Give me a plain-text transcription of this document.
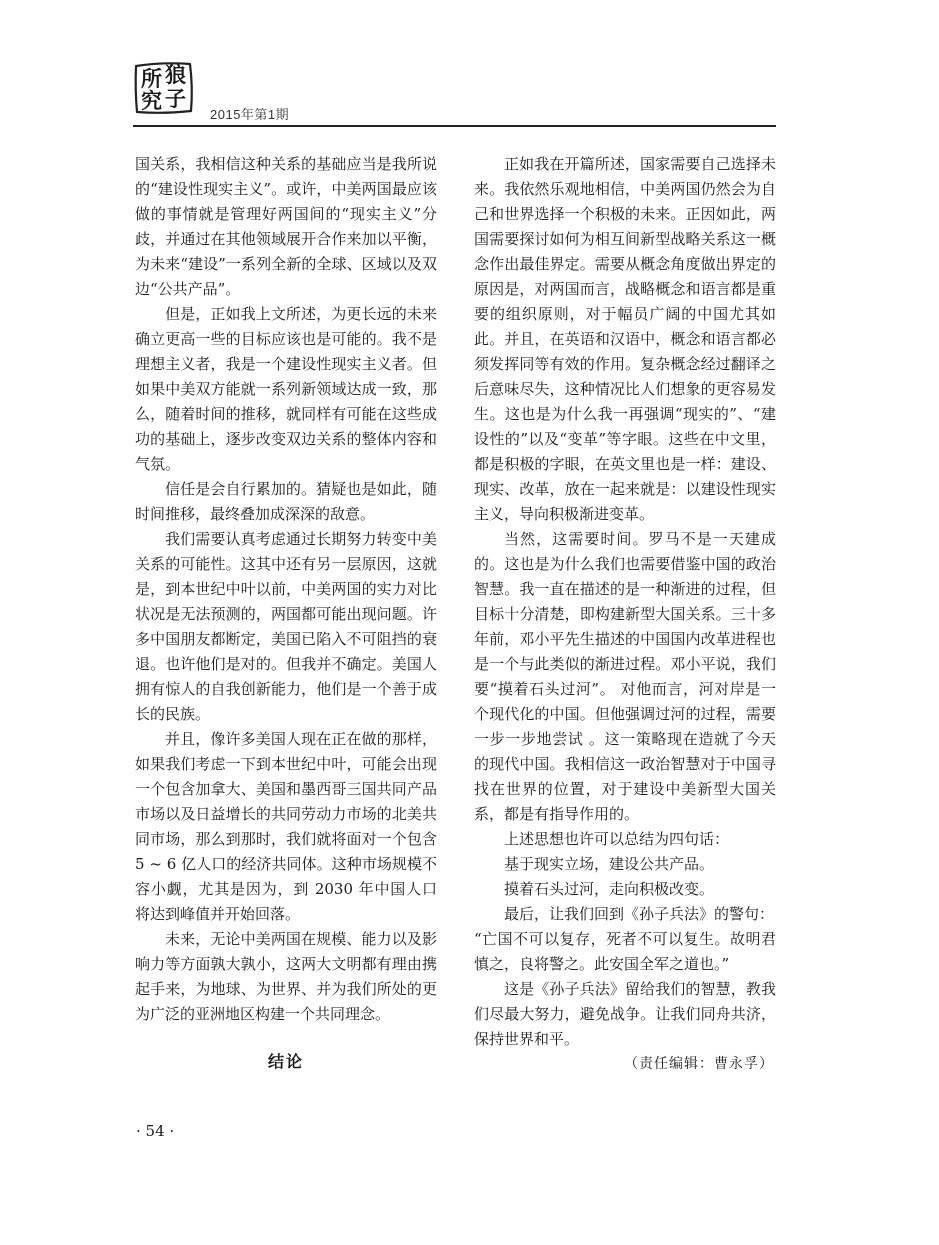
所 狼
究 子
2015年第1期

国关系，我相信这种关系的基础应当是我所说的“建设性现实主义”。或许，中美两国最应该做的事情就是管理好两国间的“现实主义”分歧，并通过在其他领域展开合作来加以平衡，为未来“建设”一系列全新的全球、区域以及双边“公共产品”。

但是，正如我上文所述，为更长远的未来确立更高一些的目标应该也是可能的。我不是理想主义者，我是一个建设性现实主义者。但如果中美双方能就一系列新领域达成一致，那么，随着时间的推移，就同样有可能在这些成功的基础上，逐步改变双边关系的整体内容和气氛。

信任是会自行累加的。猜疑也是如此，随时间推移，最终叠加成深深的敌意。

我们需要认真考虑通过长期努力转变中美关系的可能性。这其中还有另一层原因，这就是，到本世纪中叶以前，中美两国的实力对比状况是无法预测的，两国都可能出现问题。许多中国朋友都断定，美国已陷入不可阻挡的衰退。也许他们是对的。但我并不确定。美国人拥有惊人的自我创新能力，他们是一个善于成长的民族。

并且，像许多美国人现在正在做的那样，如果我们考虑一下到本世纪中叶，可能会出现一个包含加拿大、美国和墨西哥三国共同产品市场以及日益增长的共同劳动力市场的北美共同市场，那么到那时，我们就将面对一个包含 5 ~ 6 亿人口的经济共同体。这种市场规模不容小觑，尤其是因为，到 2030 年中国人口将达到峰值并开始回落。

未来，无论中美两国在规模、能力以及影响力等方面孰大孰小，这两大文明都有理由携起手来，为地球、为世界、并为我们所处的更为广泛的亚洲地区构建一个共同理念。

结论

正如我在开篇所述，国家需要自己选择未来。我依然乐观地相信，中美两国仍然会为自己和世界选择一个积极的未来。正因如此，两国需要探讨如何为相互间新型战略关系这一概念作出最佳界定。需要从概念角度做出界定的原因是，对两国而言，战略概念和语言都是重要的组织原则，对于幅员广阔的中国尤其如此。并且，在英语和汉语中，概念和语言都必须发挥同等有效的作用。复杂概念经过翻译之后意味尽失，这种情况比人们想象的更容易发生。这也是为什么我一再强调“现实的”、“建设性的”以及“变革”等字眼。这些在中文里，都是积极的字眼，在英文里也是一样：建设、现实、改革，放在一起来就是：以建设性现实主义，导向积极渐进变革。

当然，这需要时间。罗马不是一天建成的。这也是为什么我们也需要借鉴中国的政治智慧。我一直在描述的是一种渐进的过程，但目标十分清楚，即构建新型大国关系。三十多年前，邓小平先生描述的中国国内改革进程也是一个与此类似的渐进过程。邓小平说，我们要“摸着石头过河”。 对他而言，河对岸是一个现代化的中国。但他强调过河的过程，需要一步一步地尝试 。这一策略现在造就了今天的现代中国。我相信这一政治智慧对于中国寻找在世界的位置，对于建设中美新型大国关系，都是有指导作用的。

上述思想也许可以总结为四句话：

基于现实立场，建设公共产品。

摸着石头过河，走向积极改变。

最后，让我们回到《孙子兵法》的警句：

“亡国不可以复存，死者不可以复生。故明君慎之，良将警之。此安国全军之道也。”

这是《孙子兵法》留给我们的智慧，教我们尽最大努力，避免战争。让我们同舟共济，保持世界和平。

（责任编辑：曹永孚）
· 54 ·
